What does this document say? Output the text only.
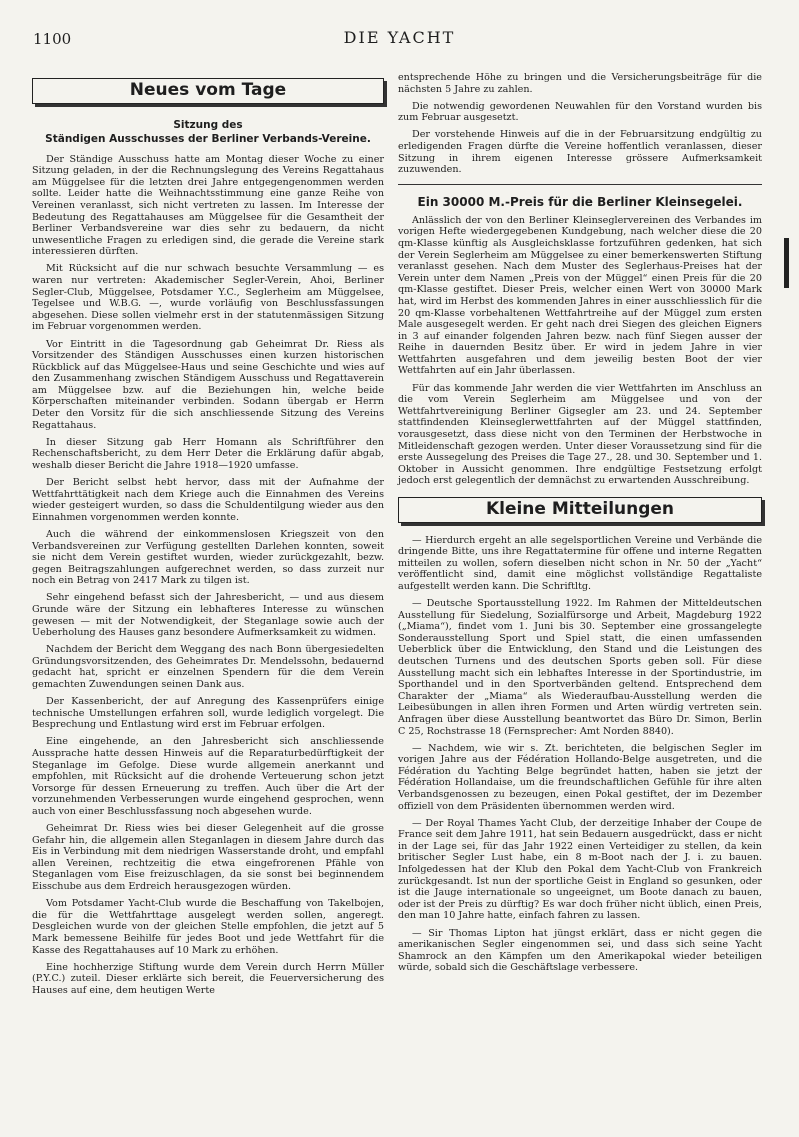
1100	DIE YACHT
Neues vom Tage
Sitzung des
Ständigen Ausschusses der Berliner Verbands-Vereine.

Der Ständige Ausschuss hatte am Montag dieser Woche zu einer Sitzung geladen, in der die Rechnungslegung des Vereins Regattahaus am Müggelsee für die letzten drei Jahre entgegengenommen werden sollte. Leider hatte die Weihnachtsstimmung eine ganze Reihe von Vereinen veranlasst, sich nicht vertreten zu lassen. Im Interesse der Bedeutung des Regattahauses am Müggelsee für die Gesamtheit der Berliner Verbandsvereine war dies sehr zu bedauern, da nicht unwesentliche Fragen zu erledigen sind, die gerade die Vereine stark interessieren dürften.

Mit Rücksicht auf die nur schwach besuchte Versammlung — es waren nur vertreten: Akademischer Segler-Verein, Ahoi, Berliner Segler-Club, Müggelsee, Potsdamer Y.C., Seglerheim am Müggelsee, Tegelsee und W.B.G. —, wurde vorläufig von Beschlussfassungen abgesehen. Diese sollen vielmehr erst in der statutenmässigen Sitzung im Februar vorgenommen werden.

Vor Eintritt in die Tagesordnung gab Geheimrat Dr. Riess als Vorsitzender des Ständigen Ausschusses einen kurzen historischen Rückblick auf das Müggelsee-Haus und seine Geschichte und wies auf den Zusammenhang zwischen Ständigem Ausschuss und Regattaverein am Müggelsee bzw. auf die Beziehungen hin, welche beide Körperschaften miteinander verbinden. Sodann übergab er Herrn Deter den Vorsitz für die sich anschliessende Sitzung des Vereins Regattahaus.

In dieser Sitzung gab Herr Homann als Schriftführer den Rechenschaftsbericht, zu dem Herr Deter die Erklärung dafür abgab, weshalb dieser Bericht die Jahre 1918—1920 umfasse.

Der Bericht selbst hebt hervor, dass mit der Aufnahme der Wettfahrttätigkeit nach dem Kriege auch die Einnahmen des Vereins wieder gesteigert wurden, so dass die Schuldentilgung wieder aus den Einnahmen vorgenommen werden konnte.

Auch die während der einkommenslosen Kriegszeit von den Verbandsvereinen zur Verfügung gestellten Darlehen konnten, soweit sie nicht dem Verein gestiftet wurden, wieder zurückgezahlt, bezw. gegen Beitragszahlungen aufgerechnet werden, so dass zurzeit nur noch ein Betrag von 2417 Mark zu tilgen ist.

Sehr eingehend befasst sich der Jahresbericht, — und aus diesem Grunde wäre der Sitzung ein lebhafteres Interesse zu wünschen gewesen — mit der Notwendigkeit, der Steganlage sowie auch der Ueberholung des Hauses ganz besondere Aufmerksamkeit zu widmen.

Nachdem der Bericht dem Weggang des nach Bonn übergesiedelten Gründungsvorsitzenden, des Geheimrates Dr. Mendelssohn, bedauernd gedacht hat, spricht er einzelnen Spendern für die dem Verein gemachten Zuwendungen seinen Dank aus.

Der Kassenbericht, der auf Anregung des Kassenprüfers einige technische Umstellungen erfahren soll, wurde lediglich vorgelegt. Die Besprechung und Entlastung wird erst im Februar erfolgen.

Eine eingehende, an den Jahresbericht sich anschliessende Aussprache hatte dessen Hinweis auf die Reparaturbedürftigkeit der Steganlage im Gefolge. Diese wurde allgemein anerkannt und empfohlen, mit Rücksicht auf die drohende Verteuerung schon jetzt Vorsorge für dessen Erneuerung zu treffen. Auch über die Art der vorzunehmenden Verbesserungen wurde eingehend gesprochen, wenn auch von einer Beschlussfassung noch abgesehen wurde.

Geheimrat Dr. Riess wies bei dieser Gelegenheit auf die grosse Gefahr hin, die allgemein allen Steganlagen in diesem Jahre durch das Eis in Verbindung mit dem niedrigen Wasserstande droht, und empfahl allen Vereinen, rechtzeitig die etwa eingefrorenen Pfähle von Steganlagen vom Eise freizuschlagen, da sie sonst bei beginnendem Eisschube aus dem Erdreich herausgezogen würden.

Vom Potsdamer Yacht-Club wurde die Beschaffung von Takelbojen, die für die Wettfahrttage ausgelegt werden sollen, angeregt. Desgleichen wurde von der gleichen Stelle empfohlen, die jetzt auf 5 Mark bemessene Beihilfe für jedes Boot und jede Wettfahrt für die Kasse des Regattahauses auf 10 Mark zu erhöhen.

Eine hochherzige Stiftung wurde dem Verein durch Herrn Müller (P.Y.C.) zuteil. Dieser erklärte sich bereit, die Feuerversicherung des Hauses auf eine, dem heutigen Werte

entsprechende Höhe zu bringen und die Versicherungsbeiträge für die nächsten 5 Jahre zu zahlen.

Die notwendig gewordenen Neuwahlen für den Vorstand wurden bis zum Februar ausgesetzt.

Der vorstehende Hinweis auf die in der Februarsitzung endgültig zu erledigenden Fragen dürfte die Vereine hoffentlich veranlassen, dieser Sitzung in ihrem eigenen Interesse grössere Aufmerksamkeit zuzuwenden.

Ein 30000 M.-Preis für die Berliner Kleinsegelei.

Anlässlich der von den Berliner Kleinseglervereinen des Verbandes im vorigen Hefte wiedergegebenen Kundgebung, nach welcher diese die 20 qm-Klasse künftig als Ausgleichsklasse fortzuführen gedenken, hat sich der Verein Seglerheim am Müggelsee zu einer bemerkenswerten Stiftung veranlasst gesehen. Nach dem Muster des Seglerhaus-Preises hat der Verein unter dem Namen „Preis von der Müggel“ einen Preis für die 20 qm-Klasse gestiftet. Dieser Preis, welcher einen Wert von 30000 Mark hat, wird im Herbst des kommenden Jahres in einer ausschliesslich für die 20 qm-Klasse vorbehaltenen Wettfahrtreihe auf der Müggel zum ersten Male ausgesegelt werden. Er geht nach drei Siegen des gleichen Eigners in 3 auf einander folgenden Jahren bezw. nach fünf Siegen ausser der Reihe in dauernden Besitz über. Er wird in jedem Jahre in vier Wettfahrten ausgefahren und dem jeweilig besten Boot der vier Wettfahrten auf ein Jahr überlassen.

Für das kommende Jahr werden die vier Wettfahrten im Anschluss an die vom Verein Seglerheim am Müggelsee und von der Wettfahrtvereinigung Berliner Gigsegler am 23. und 24. September stattfindenden Kleinseglerwettfahrten auf der Müggel stattfinden, vorausgesetzt, dass diese nicht von den Terminen der Herbstwoche in Mitleidenschaft gezogen werden. Unter dieser Voraussetzung sind für die erste Aussegelung des Preises die Tage 27., 28. und 30. September und 1. Oktober in Aussicht genommen. Ihre endgültige Festsetzung erfolgt jedoch erst gelegentlich der demnächst zu erwartenden Ausschreibung.

Kleine Mitteilungen

— Hierdurch ergeht an alle segelsportlichen Vereine und Verbände die dringende Bitte, uns ihre Regattatermine für offene und interne Regatten mitteilen zu wollen, sofern dieselben nicht schon in Nr. 50 der „Yacht“ veröffentlicht sind, damit eine möglichst vollständige Regattaliste aufgestellt werden kann. Die Schriftltg.

— Deutsche Sportausstellung 1922. Im Rahmen der Mitteldeutschen Ausstellung für Siedelung, Sozialfürsorge und Arbeit, Magdeburg 1922 („Miama“), findet vom 1. Juni bis 30. September eine grossangelegte Sonderausstellung Sport und Spiel statt, die einen umfassenden Ueberblick über die Entwicklung, den Stand und die Leistungen des deutschen Turnens und des deutschen Sports geben soll. Für diese Ausstellung macht sich ein lebhaftes Interesse in der Sportindustrie, im Sporthandel und in den Sportverbänden geltend. Entsprechend dem Charakter der „Miama“ als Wiederaufbau-Ausstellung werden die Leibesübungen in allen ihren Formen und Arten würdig vertreten sein. Anfragen über diese Ausstellung beantwortet das Büro Dr. Simon, Berlin C 25, Rochstrasse 18 (Fernsprecher: Amt Norden 8840).

— Nachdem, wie wir s. Zt. berichteten, die belgischen Segler im vorigen Jahre aus der Fédération Hollando-Belge ausgetreten, und die Fédération du Yachting Belge begründet hatten, haben sie jetzt der Fédération Hollandaise, um die freundschaftlichen Gefühle für ihre alten Verbandsgenossen zu bezeugen, einen Pokal gestiftet, der im Dezember offiziell von dem Präsidenten übernommen werden wird.

— Der Royal Thames Yacht Club, der derzeitige Inhaber der Coupe de France seit dem Jahre 1911, hat sein Bedauern ausgedrückt, dass er nicht in der Lage sei, für das Jahr 1922 einen Verteidiger zu stellen, da kein britischer Segler Lust habe, ein 8 m-Boot nach der J. i. zu bauen. Infolgedessen hat der Klub den Pokal dem Yacht-Club von Frankreich zurückgesandt. Ist nun der sportliche Geist in England so gesunken, oder ist die Jauge internationale so ungeeignet, um Boote danach zu bauen, oder ist der Preis zu dürftig? Es war doch früher nicht üblich, einen Preis, den man 10 Jahre hatte, einfach fahren zu lassen.

— Sir Thomas Lipton hat jüngst erklärt, dass er nicht gegen die amerikanischen Segler eingenommen sei, und dass sich seine Yacht Shamrock an den Kämpfen um den Amerikapokal wieder beteiligen würde, sobald sich die Geschäftslage verbessere.
